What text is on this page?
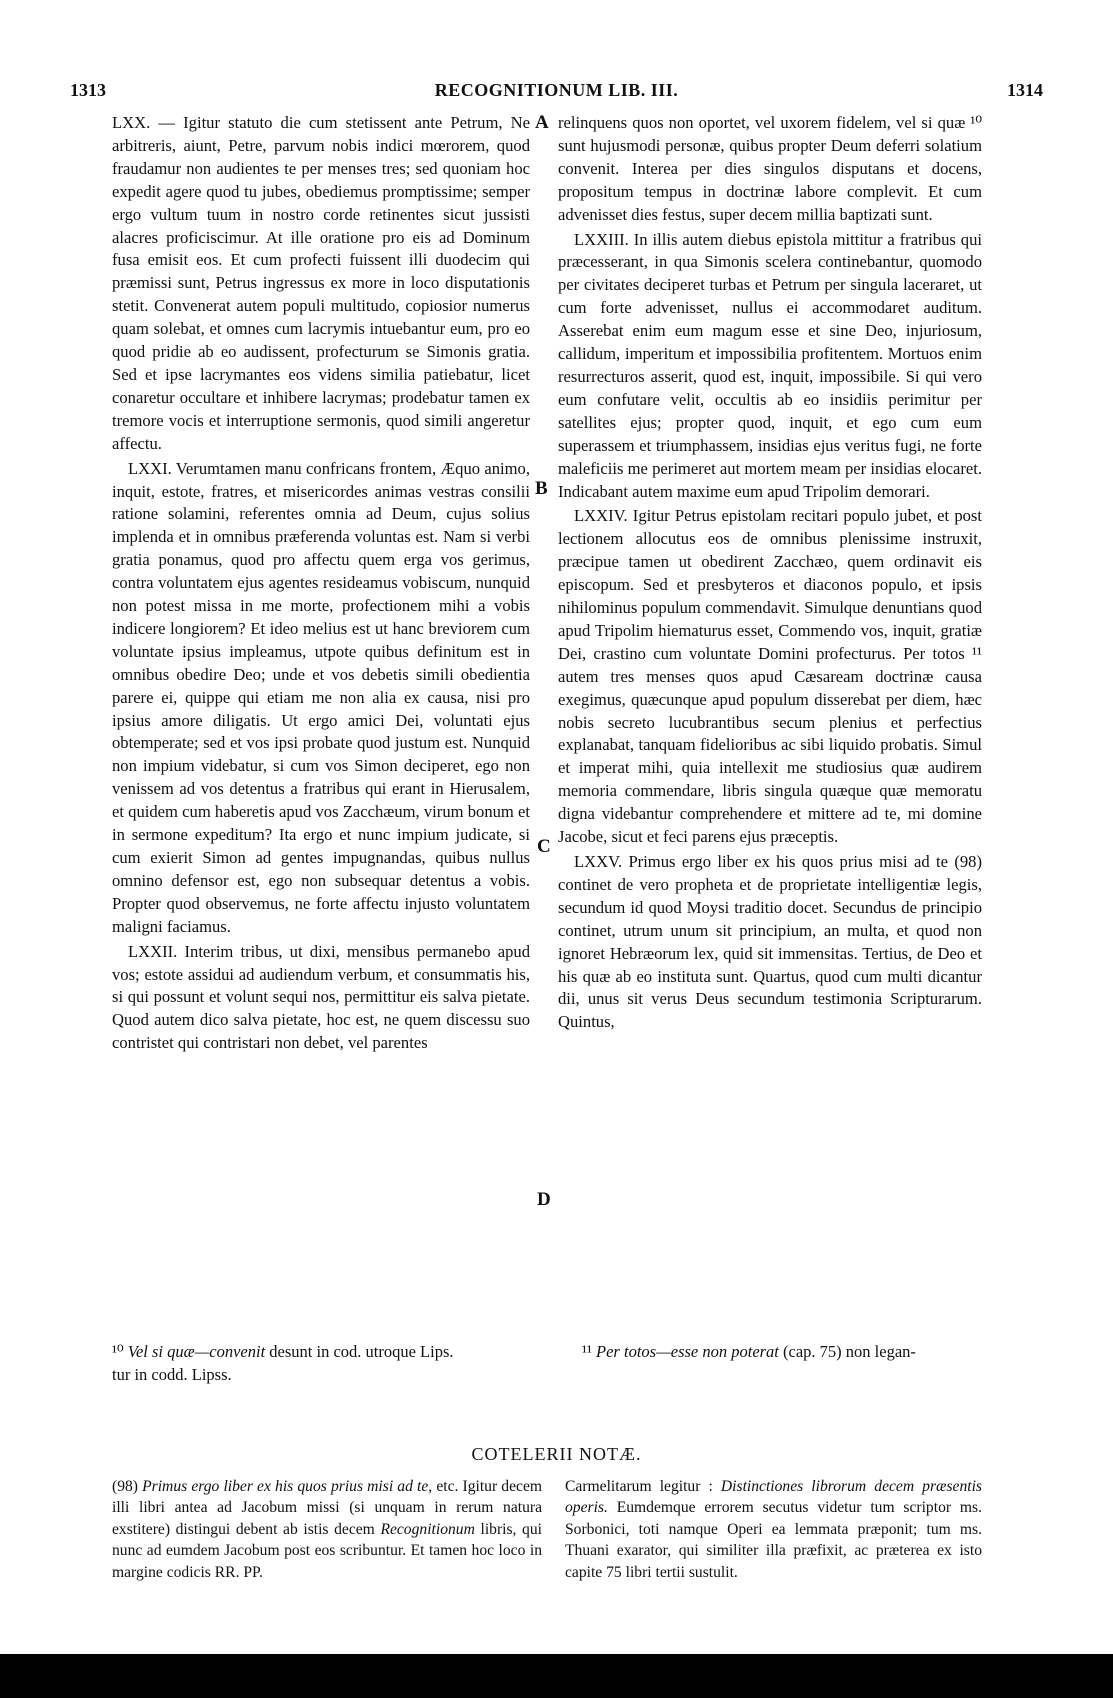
1313	RECOGNITIONUM LIB. III.	1314

LXX. — Igitur statuto die cum stetissent ante Petrum, Ne arbitreris, aiunt, Petre, parvum nobis indici mœrorem, quod fraudamur non audientes te per menses tres; sed quoniam hoc expedit agere quod tu jubes, obediemus promptissime; semper ergo vultum tuum in nostro corde retinentes sicut jussisti alacres proficiscimur. At ille oratione pro eis ad Dominum fusa emisit eos. Et cum profecti fuissent illi duodecim qui præmissi sunt, Petrus ingressus ex more in loco disputationis stetit. Convenerat autem populi multitudo, copiosior numerus quam solebat, et omnes cum lacrymis intuebantur eum, pro eo quod pridie ab eo audissent, profecturum se Simonis gratia. Sed et ipse lacrymantes eos videns similia patiebatur, licet conaretur occultare et inhibere lacrymas; prodebatur tamen ex tremore vocis et interruptione sermonis, quod simili angeretur affectu.

LXXI. Verumtamen manu confricans frontem, Æquo animo, inquit, estote, fratres, et misericordes animas vestras consilii ratione solamini, referentes omnia ad Deum, cujus solius implenda et in omnibus præferenda voluntas est. Nam si verbi gratia ponamus, quod pro affectu quem erga vos gerimus, contra voluntatem ejus agentes resideamus vobiscum, nunquid non potest missa in me morte, profectionem mihi a vobis indicere longiorem? Et ideo melius est ut hanc breviorem cum voluntate ipsius impleamus, utpote quibus definitum est in omnibus obedire Deo; unde et vos debetis simili obedientia parere ei, quippe qui etiam me non alia ex causa, nisi pro ipsius amore diligatis. Ut ergo amici Dei, voluntati ejus obtemperate; sed et vos ipsi probate quod justum est. Nunquid non impium videbatur, si cum vos Simon deciperet, ego non venissem ad vos detentus a fratribus qui erant in Hierusalem, et quidem cum haberetis apud vos Zacchæum, virum bonum et in sermone expeditum? Ita ergo et nunc impium judicate, si cum exierit Simon ad gentes impugnandas, quibus nullus omnino defensor est, ego non subsequar detentus a vobis. Propter quod observemus, ne forte affectu injusto voluntatem maligni faciamus.

LXXII. Interim tribus, ut dixi, mensibus permanebo apud vos; estote assidui ad audiendum verbum, et consummatis his, si qui possunt et volunt sequi nos, permittitur eis salva pietate. Quod autem dico salva pietate, hoc est, ne quem discessu suo contristet qui contristari non debet, vel parentes

A
B
C
D

relinquens quos non oportet, vel uxorem fidelem, vel si quæ ¹⁰ sunt hujusmodi personæ, quibus propter Deum deferri solatium convenit. Interea per dies singulos disputans et docens, propositum tempus in doctrinæ labore complevit. Et cum advenisset dies festus, super decem millia baptizati sunt.

LXXIII. In illis autem diebus epistola mittitur a fratribus qui præcesserant, in qua Simonis scelera continebantur, quomodo per civitates deciperet turbas et Petrum per singula laceraret, ut cum forte advenisset, nullus ei accommodaret auditum. Asserebat enim eum magum esse et sine Deo, injuriosum, callidum, imperitum et impossibilia profitentem. Mortuos enim resurrecturos asserit, quod est, inquit, impossibile. Si qui vero eum confutare velit, occultis ab eo insidiis perimitur per satellites ejus; propter quod, inquit, et ego cum eum superassem et triumphassem, insidias ejus veritus fugi, ne forte maleficiis me perimeret aut mortem meam per insidias elocaret. Indicabant autem maxime eum apud Tripolim demorari.

LXXIV. Igitur Petrus epistolam recitari populo jubet, et post lectionem allocutus eos de omnibus plenissime instruxit, præcipue tamen ut obedirent Zacchæo, quem ordinavit eis episcopum. Sed et presbyteros et diaconos populo, et ipsis nihilominus populum commendavit. Simulque denuntians quod apud Tripolim hiematurus esset, Commendo vos, inquit, gratiæ Dei, crastino cum voluntate Domini profecturus. Per totos ¹¹ autem tres menses quos apud Cæsaream doctrinæ causa exegimus, quæcunque apud populum disserebat per diem, hæc nobis secreto lucubrantibus secum plenius et perfectius explanabat, tanquam fidelioribus ac sibi liquido probatis. Simul et imperat mihi, quia intellexit me studiosius quæ audirem memoria commendare, libris singula quæque quæ memoratu digna videbantur comprehendere et mittere ad te, mi domine Jacobe, sicut et feci parens ejus præceptis.

LXXV. Primus ergo liber ex his quos prius misi ad te (98) continet de vero propheta et de proprietate intelligentiæ legis, secundum id quod Moysi traditio docet. Secundus de principio continet, utrum unum sit principium, an multa, et quod non ignoret Hebræorum lex, quid sit immensitas. Tertius, de Deo et his quæ ab eo instituta sunt. Quartus, quod cum multi dicantur dii, unus sit verus Deus secundum testimonia Scripturarum. Quintus,

¹⁰ Vel si quæ—convenit desunt in cod. utroque Lips.	¹¹ Per totos—esse non poterat (cap. 75) non legan-
tur in codd. Lipss.
COTELERII NOTÆ.
(98) Primus ergo liber ex his quos prius misi ad te, etc. Igitur decem illi libri antea ad Jacobum missi (si unquam in rerum natura exstitere) distingui debent ab istis decem Recognitionum libris, qui nunc ad eumdem Jacobum post eos scribuntur. Et tamen hoc loco in margine codicis RR. PP.
Carmelitarum legitur : Distinctiones librorum decem præsentis operis. Eumdemque errorem secutus videtur tum scriptor ms. Sorbonici, toti namque Operi ea lemmata præponit; tum ms. Thuani exarator, qui similiter illa præfixit, ac præterea ex isto capite 75 libri tertii sustulit.
